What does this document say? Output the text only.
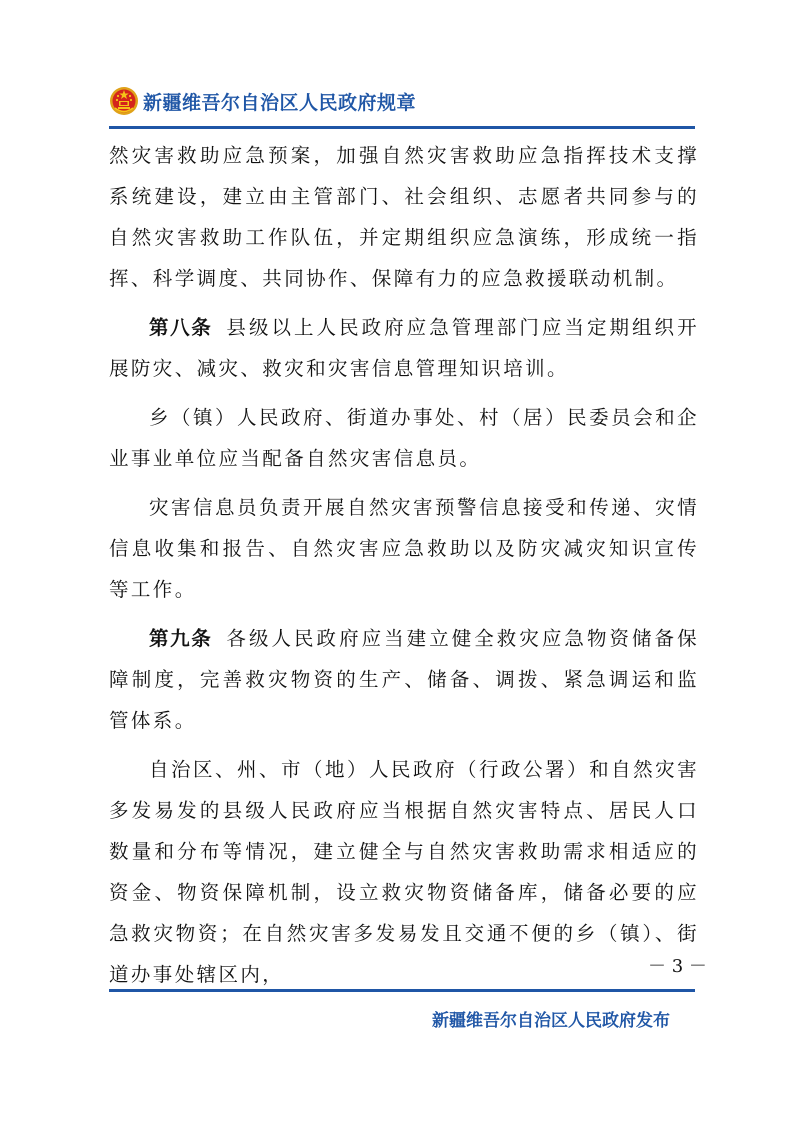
新疆维吾尔自治区人民政府规章

然灾害救助应急预案，加强自然灾害救助应急指挥技术支撑系统建设，建立由主管部门、社会组织、志愿者共同参与的自然灾害救助工作队伍，并定期组织应急演练，形成统一指挥、科学调度、共同协作、保障有力的应急救援联动机制。

第八条 县级以上人民政府应急管理部门应当定期组织开展防灾、减灾、救灾和灾害信息管理知识培训。

乡（镇）人民政府、街道办事处、村（居）民委员会和企业事业单位应当配备自然灾害信息员。

灾害信息员负责开展自然灾害预警信息接受和传递、灾情信息收集和报告、自然灾害应急救助以及防灾减灾知识宣传等工作。

第九条 各级人民政府应当建立健全救灾应急物资储备保障制度，完善救灾物资的生产、储备、调拨、紧急调运和监管体系。

自治区、州、市（地）人民政府（行政公署）和自然灾害多发易发的县级人民政府应当根据自然灾害特点、居民人口数量和分布等情况，建立健全与自然灾害救助需求相适应的资金、物资保障机制，设立救灾物资储备库，储备必要的应急救灾物资；在自然灾害多发易发且交通不便的乡（镇）、街道办事处辖区内，	－ 3 －
新疆维吾尔自治区人民政府发布
